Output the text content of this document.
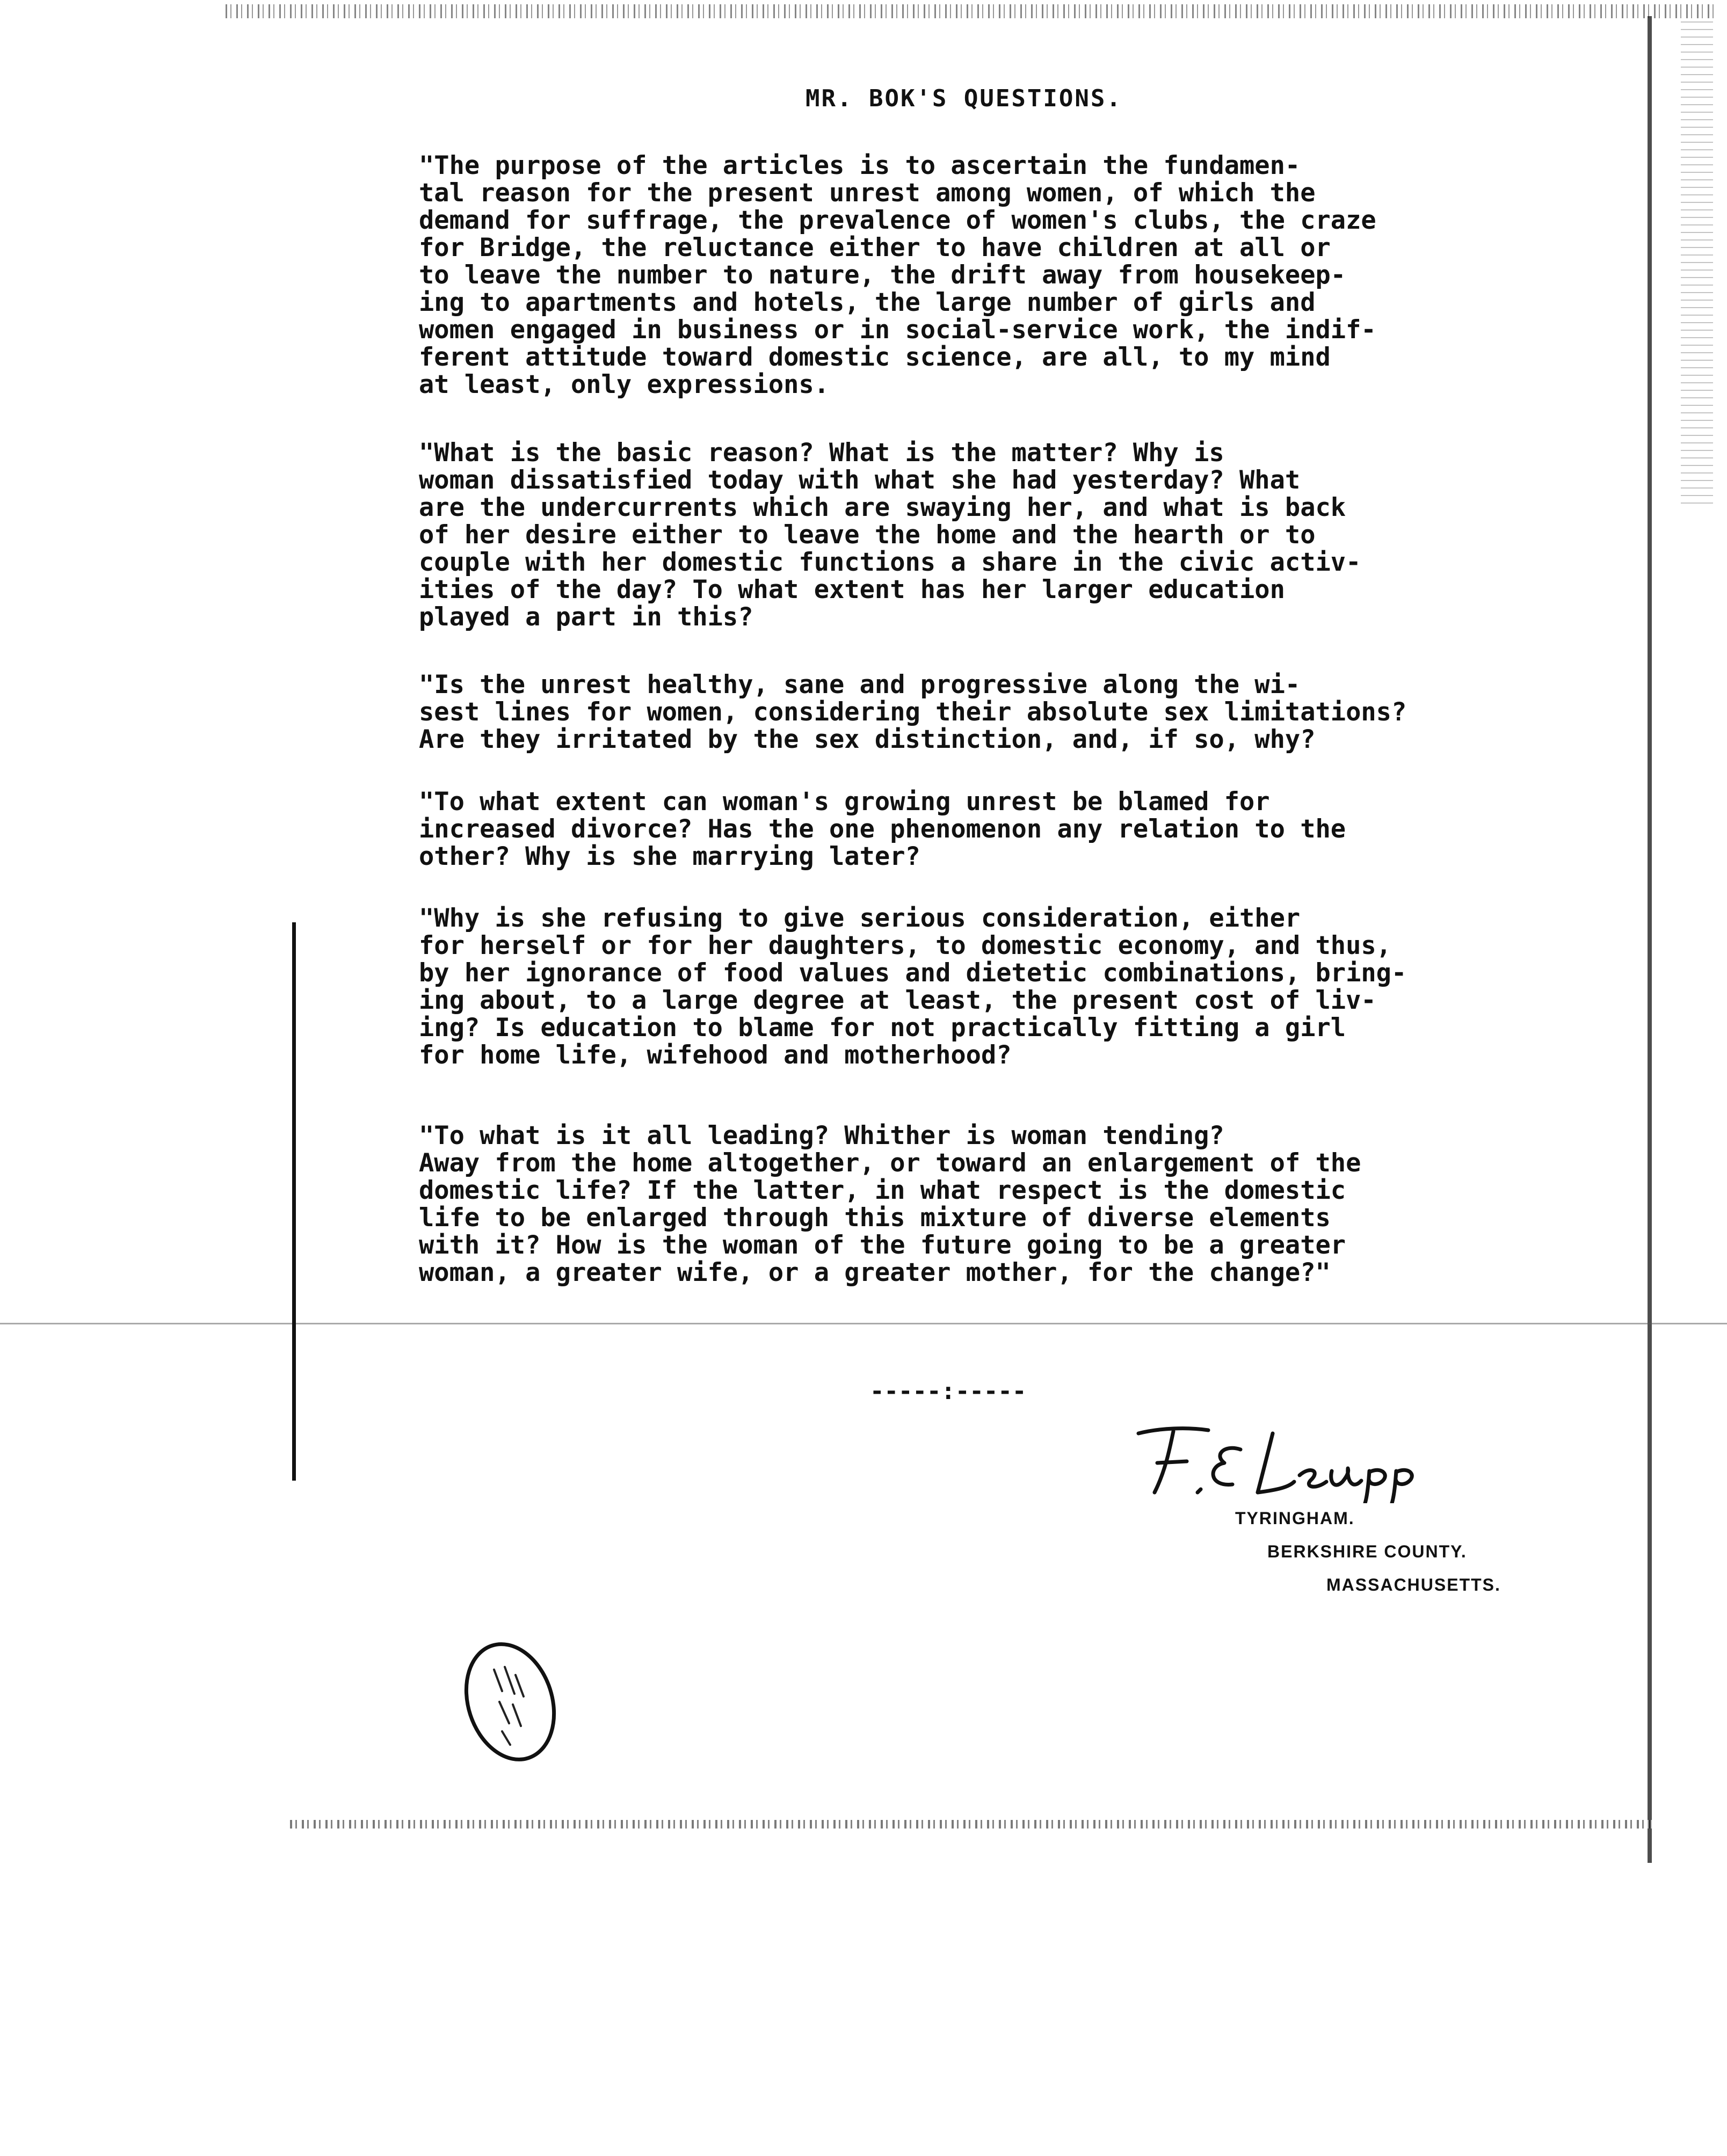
MR. BOK'S QUESTIONS.

"The purpose of the articles is to ascertain the fundamen-
tal reason for the present unrest among women, of which the
demand for suffrage, the prevalence of women's clubs, the craze
for Bridge, the reluctance either to have children at all or
to leave the number to nature, the drift away from housekeep-
ing to apartments and hotels, the large number of girls and
women engaged in business or in social-service work, the indif-
ferent attitude toward domestic science, are all, to my mind
at least, only expressions.

"What is the basic reason? What is the matter? Why is
woman dissatisfied today with what she had yesterday? What
are the undercurrents which are swaying her, and what is back
of her desire either to leave the home and the hearth or to
couple with her domestic functions a share in the civic activ-
ities of the day? To what extent has her larger education
played a part in this?

"Is the unrest healthy, sane and progressive along the wi-
sest lines for women, considering their absolute sex limitations?
Are they irritated by the sex distinction, and, if so, why?

"To what extent can woman's growing unrest be blamed for
increased divorce? Has the one phenomenon any relation to the
other? Why is she marrying later?

"Why is she refusing to give serious consideration, either
for herself or for her daughters, to domestic economy, and thus,
by her ignorance of food values and dietetic combinations, bring-
ing about, to a large degree at least, the present cost of liv-
ing? Is education to blame for not practically fitting a girl
for home life, wifehood and motherhood?

"To what is it all leading? Whither is woman tending?
Away from the home altogether, or toward an enlargement of the
domestic life? If the latter, in what respect is the domestic
life to be enlarged through this mixture of diverse elements
with it? How is the woman of the future going to be a greater
woman, a greater wife, or a greater mother, for the change?"

-----:-----
TYRINGHAM.
BERKSHIRE COUNTY.
MASSACHUSETTS.
